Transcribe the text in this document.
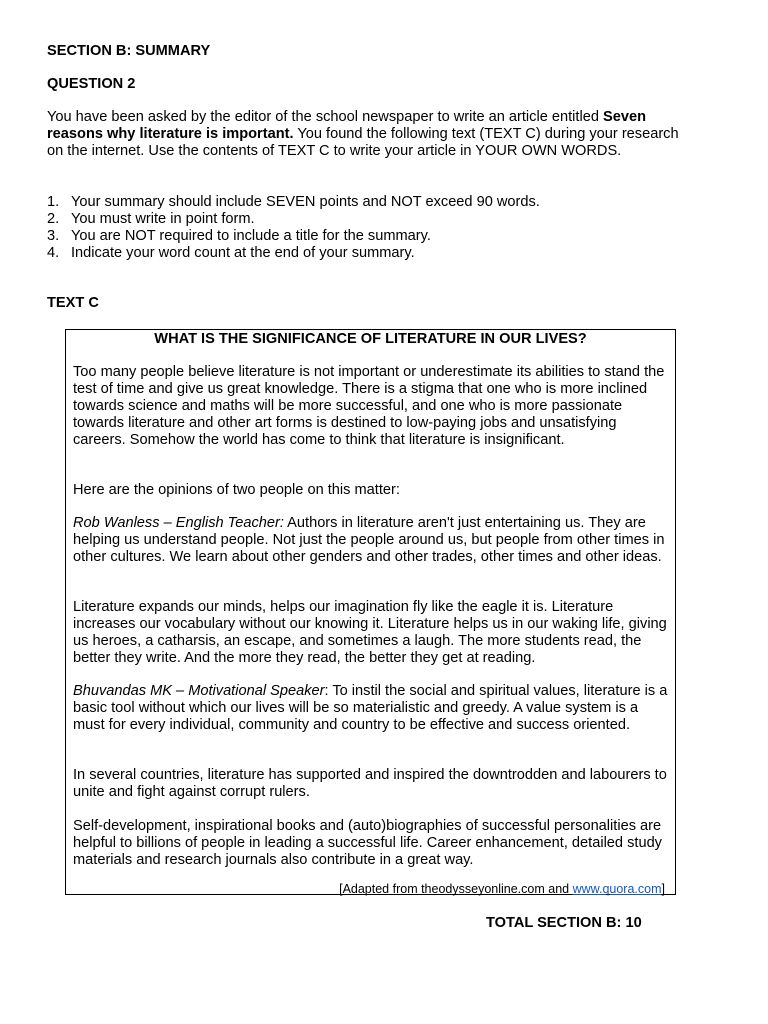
SECTION B: SUMMARY

QUESTION 2

You have been asked by the editor of the school newspaper to write an article entitled Seven reasons why literature is important. You found the following text (TEXT C) during your research on the internet. Use the contents of TEXT C to write your article in YOUR OWN WORDS.

1. Your summary should include SEVEN points and NOT exceed 90 words.
2. You must write in point form.
3. You are NOT required to include a title for the summary.
4. Indicate your word count at the end of your summary.

TEXT C

WHAT IS THE SIGNIFICANCE OF LITERATURE IN OUR LIVES?

Too many people believe literature is not important or underestimate its abilities to stand the test of time and give us great knowledge. There is a stigma that one who is more inclined towards science and maths will be more successful, and one who is more passionate towards literature and other art forms is destined to low-paying jobs and unsatisfying careers. Somehow the world has come to think that literature is insignificant.

Here are the opinions of two people on this matter:

Rob Wanless – English Teacher: Authors in literature aren't just entertaining us. They are helping us understand people. Not just the people around us, but people from other times in other cultures. We learn about other genders and other trades, other times and other ideas.

Literature expands our minds, helps our imagination fly like the eagle it is. Literature increases our vocabulary without our knowing it. Literature helps us in our waking life, giving us heroes, a catharsis, an escape, and sometimes a laugh. The more students read, the better they write. And the more they read, the better they get at reading.

Bhuvandas MK – Motivational Speaker: To instil the social and spiritual values, literature is a basic tool without which our lives will be so materialistic and greedy. A value system is a must for every individual, community and country to be effective and success oriented.

In several countries, literature has supported and inspired the downtrodden and labourers to unite and fight against corrupt rulers.

Self-development, inspirational books and (auto)biographies of successful personalities are helpful to billions of people in leading a successful life. Career enhancement, detailed study materials and research journals also contribute in a great way.

[Adapted from theodysseyonline.com and www.quora.com]
TOTAL SECTION B: 10
